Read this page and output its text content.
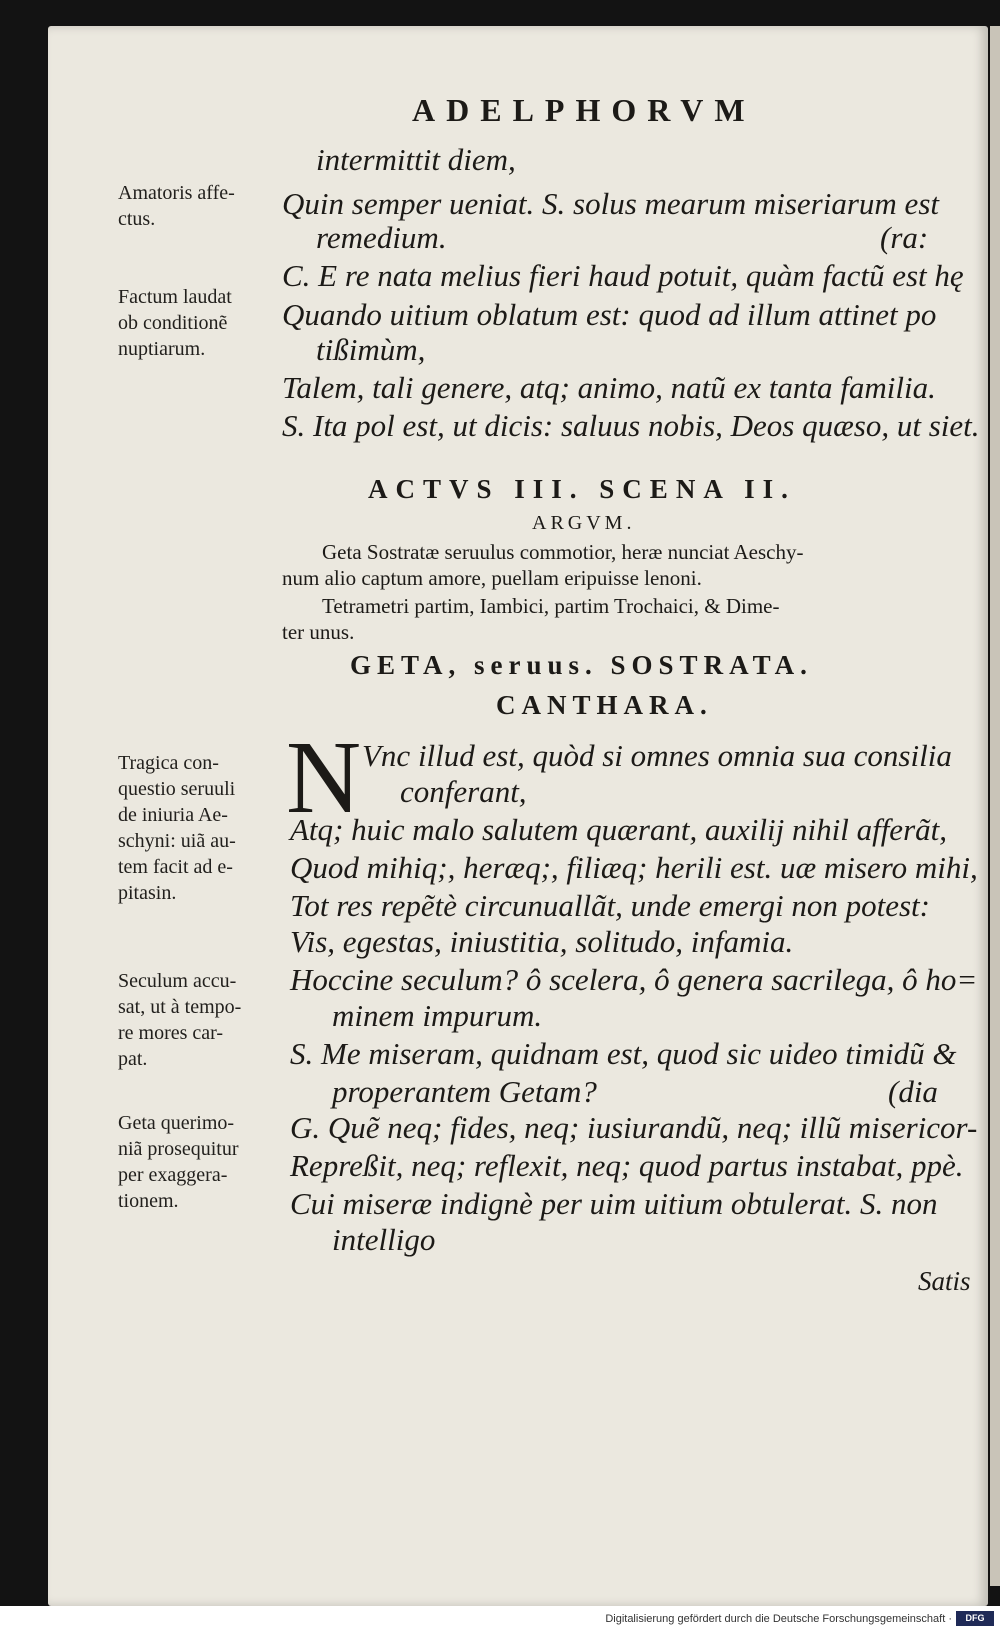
ADELPHORVM
intermittit diem,
Quin semper ueniat. S. solus mearum miseriarum est
remedium.	(ra:
C. E re nata melius fieri haud potuit, quàm factũ est hę
Quando uitium oblatum est: quod ad illum attinet po
tißimùm,
Talem, tali genere, atq; animo, natũ ex tanta familia.
S. Ita pol est, ut dicis: saluus nobis, Deos quæso, ut siet.
Amatoris affe-
ctus.
Factum laudat
ob conditionẽ
nuptiarum.
ACTVS III. SCENA II.
ARGVM.
Geta Sostratæ seruulus commotior, heræ nunciat Aeschy-
num alio captum amore, puellam eripuisse lenoni.
Tetrametri partim, Iambici, partim Trochaici, & Dime-
ter unus.
GETA, seruus. SOSTRATA.
CANTHARA.
N Vnc illud est, quòd si omnes omnia sua consilia
conferant,
Atq; huic malo salutem quærant, auxilij nihil afferãt,
Quod mihiq;, heræq;, filiæq; herili est. uæ misero mihi,
Tot res repẽtè circunuallãt, unde emergi non potest:
Vis, egestas, iniustitia, solitudo, infamia.
Hoccine seculum? ô scelera, ô genera sacrilega, ô ho=
minem impurum.
S. Me miseram, quidnam est, quod sic uideo timidũ &
properantem Getam?	(dia
G. Quẽ neq; fides, neq; iusiurandũ, neq; illũ misericor-
Repreßit, neq; reflexit, neq; quod partus instabat, ppè.
Cui miseræ indignè per uim uitium obtulerat. S. non
intelligo
Tragica con-
questio seruuli
de iniuria Ae-
schyni: uiã au-
tem facit ad e-
pitasin.
Seculum accu-
sat, ut à tempo-
re mores car-
pat.
Geta querimo-
niã prosequitur
per exaggera-
tionem.
Satis
Digitalisierung gefördert durch die Deutsche Forschungsgemeinschaft ·	DFG
